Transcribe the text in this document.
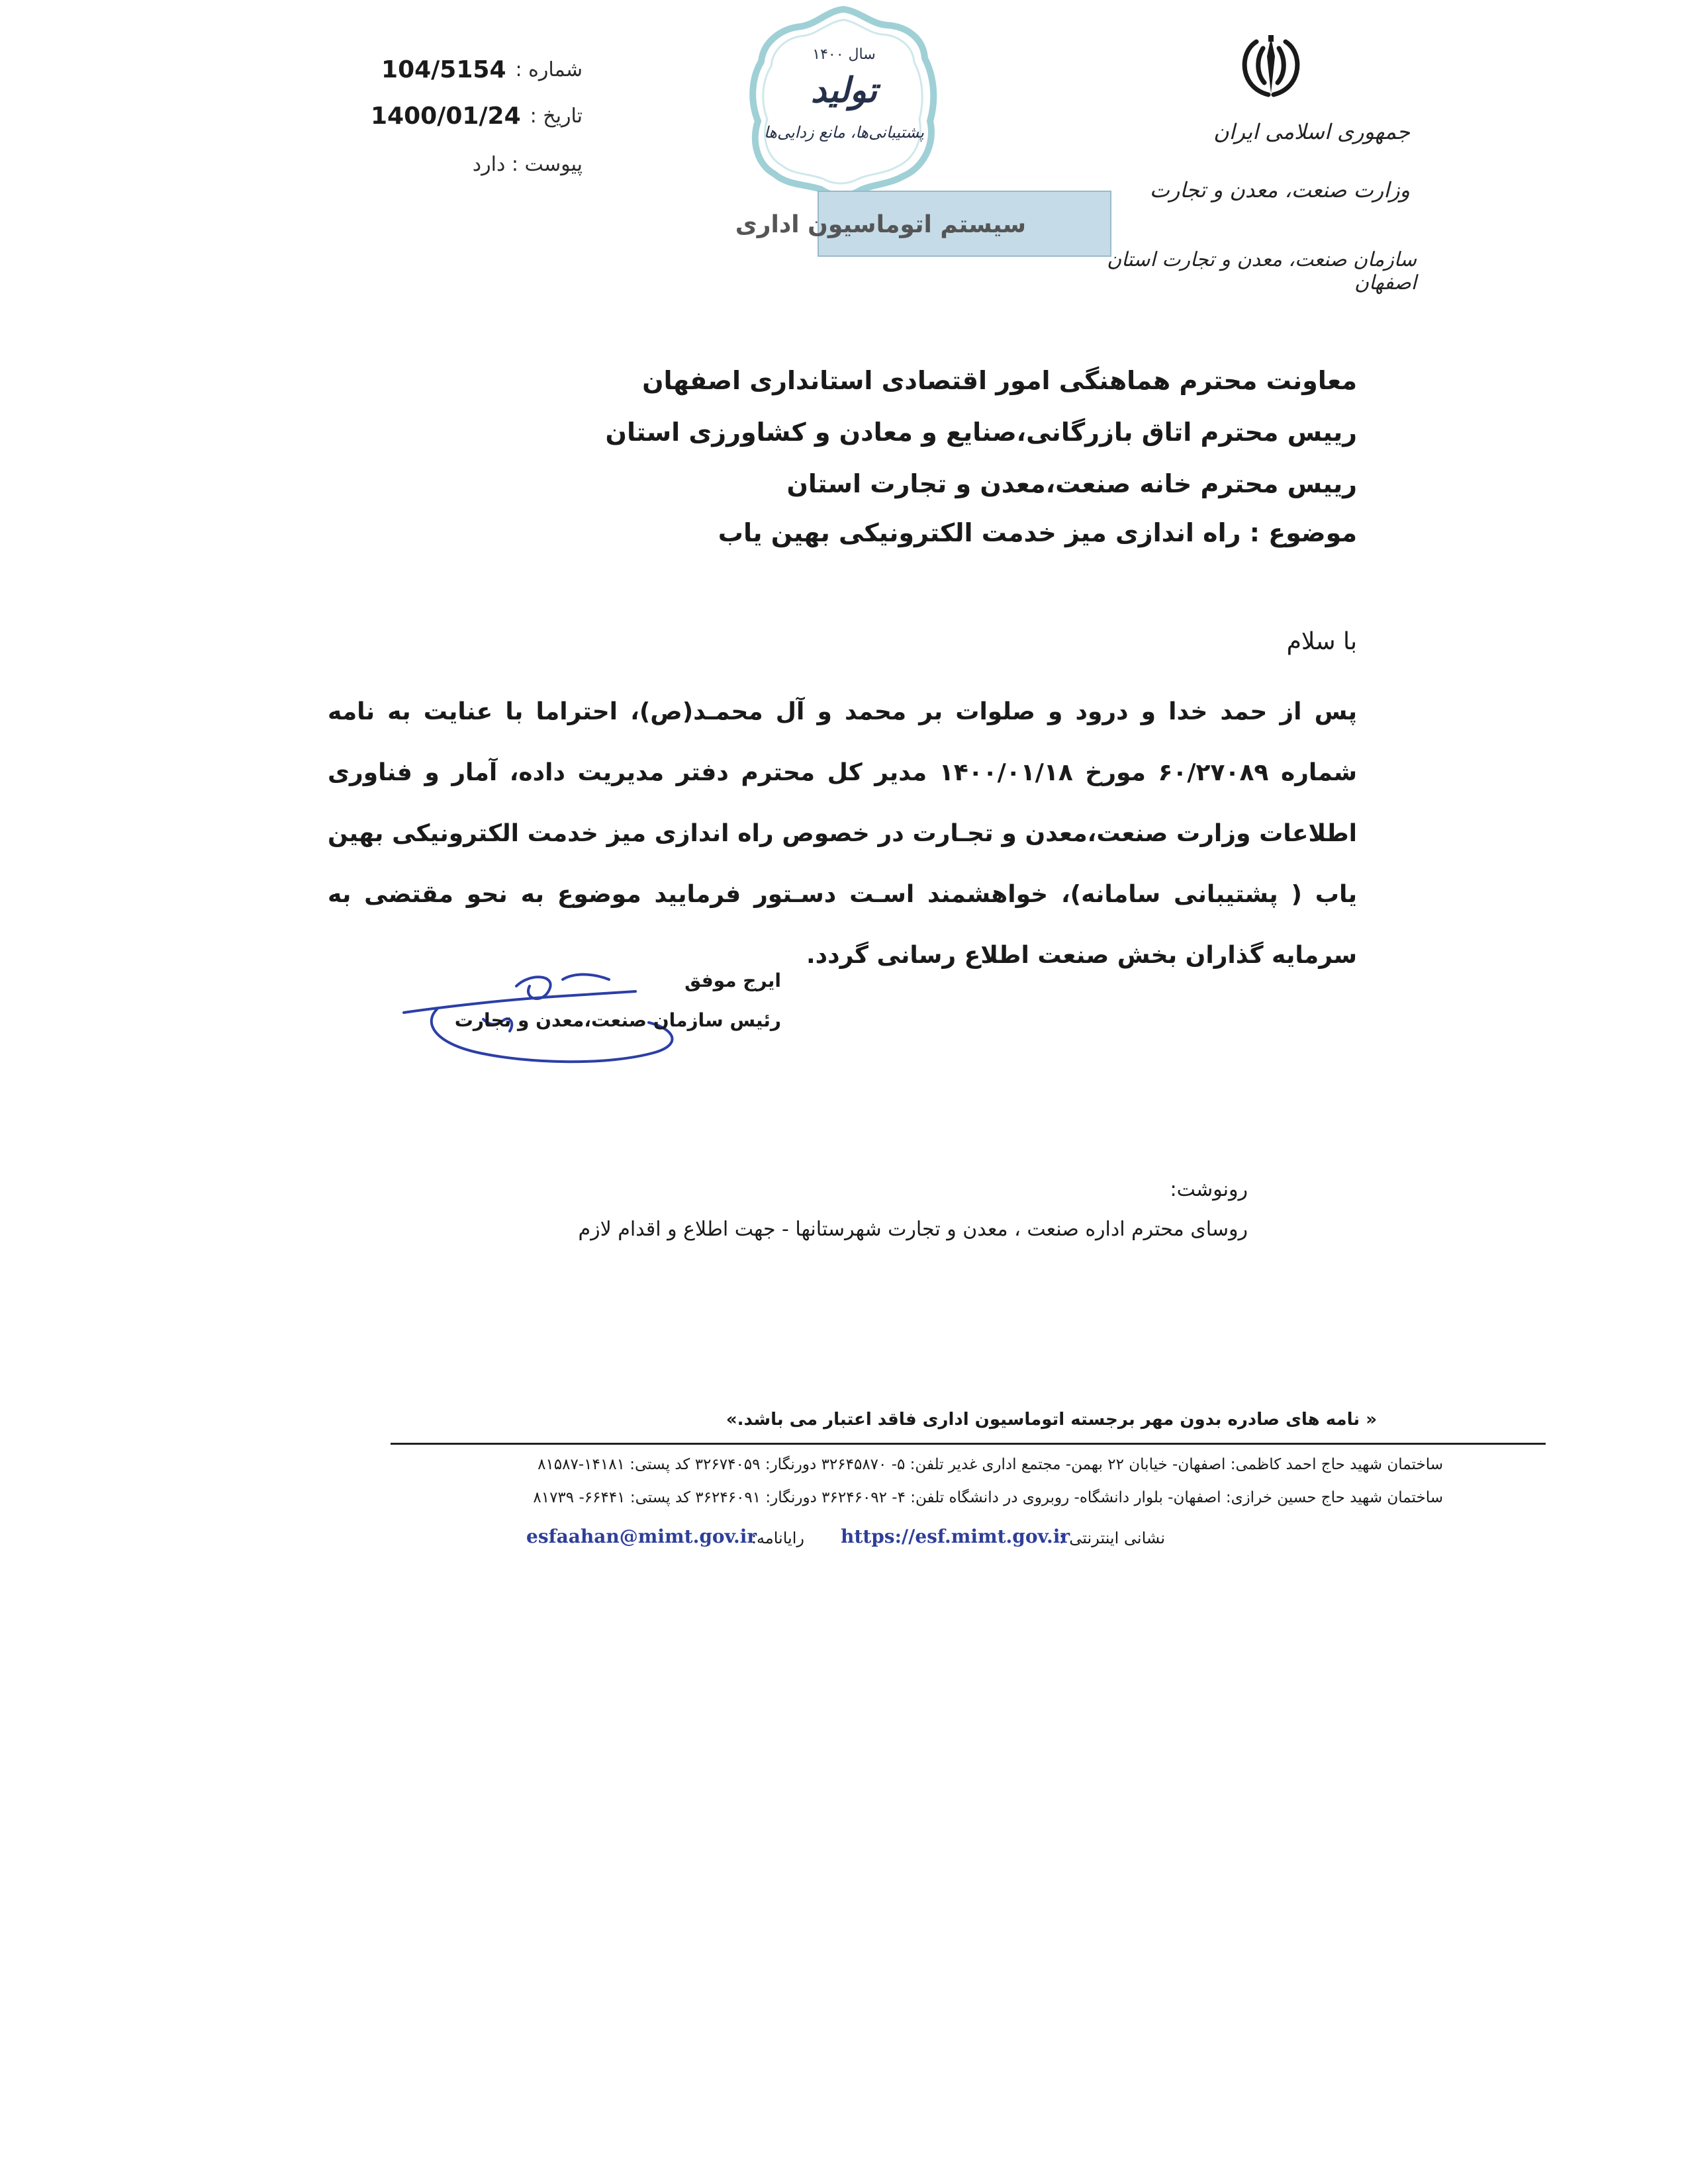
شماره :
104/5154
تاریخ :
1400/01/24
پیوست : دارد
سال ۱۴۰۰
تولید
پشتیبانی‌ها، مانع زدایی‌ها
سیستم اتوماسیون اداری
جمهوری اسلامی ایران
وزارت صنعت، معدن و تجارت
سازمان صنعت، معدن و تجارت استان اصفهان
معاونت محترم هماهنگی امور اقتصادی استانداری اصفهان
رییس محترم اتاق بازرگانی،صنایع و معادن و کشاورزی استان
رییس محترم خانه صنعت،معدن و تجارت استان
موضوع : راه اندازی میز خدمت الکترونیکی بهین یاب
با سلام

پس از حمد خدا و درود و صلوات بر محمد و آل محمـد(ص)، احتراما با عنایت به نامه شماره ۶۰/۲۷۰۸۹ مورخ ۱۴۰۰/۰۱/۱۸ مدیر کل محترم دفتر مدیریت داده، آمار و فناوری اطلاعات وزارت صنعت،معدن و تجـارت در خصوص راه اندازی میز خدمت الکترونیکی بهین یاب ( پشتیبانی سامانه)، خواهشمند اسـت دسـتور فرمایید موضوع به نحو مقتضی به سرمایه گذاران بخش صنعت اطلاع رسانی گردد.

ایرج موفق
رئیس سازمان صنعت،معدن و تجارت
رونوشت:
روسای محترم اداره صنعت ، معدن و تجارت شهرستانها - جهت اطلاع و اقدام لازم
« نامه های صادره بدون مهر برجسته اتوماسیون اداری فاقد اعتبار می باشد.»
ساختمان شهید حاج احمد کاظمی: اصفهان- خیابان ۲۲ بهمن- مجتمع اداری غدیر تلفن: ۵- ۳۲۶۴۵۸۷۰ دورنگار: ۳۲۶۷۴۰۵۹ کد پستی: ۱۴۱۸۱-۸۱۵۸۷
ساختمان شهید حاج حسین خرازی: اصفهان- بلوار دانشگاه- روبروی در دانشگاه تلفن: ۴- ۳۶۲۴۶۰۹۲ دورنگار: ۳۶۲۴۶۰۹۱ کد پستی: ۶۶۴۴۱- ۸۱۷۳۹
نشانی اینترنتی :
https://esf.mimt.gov.ir
رایانامه:
esfaahan@mimt.gov.ir
